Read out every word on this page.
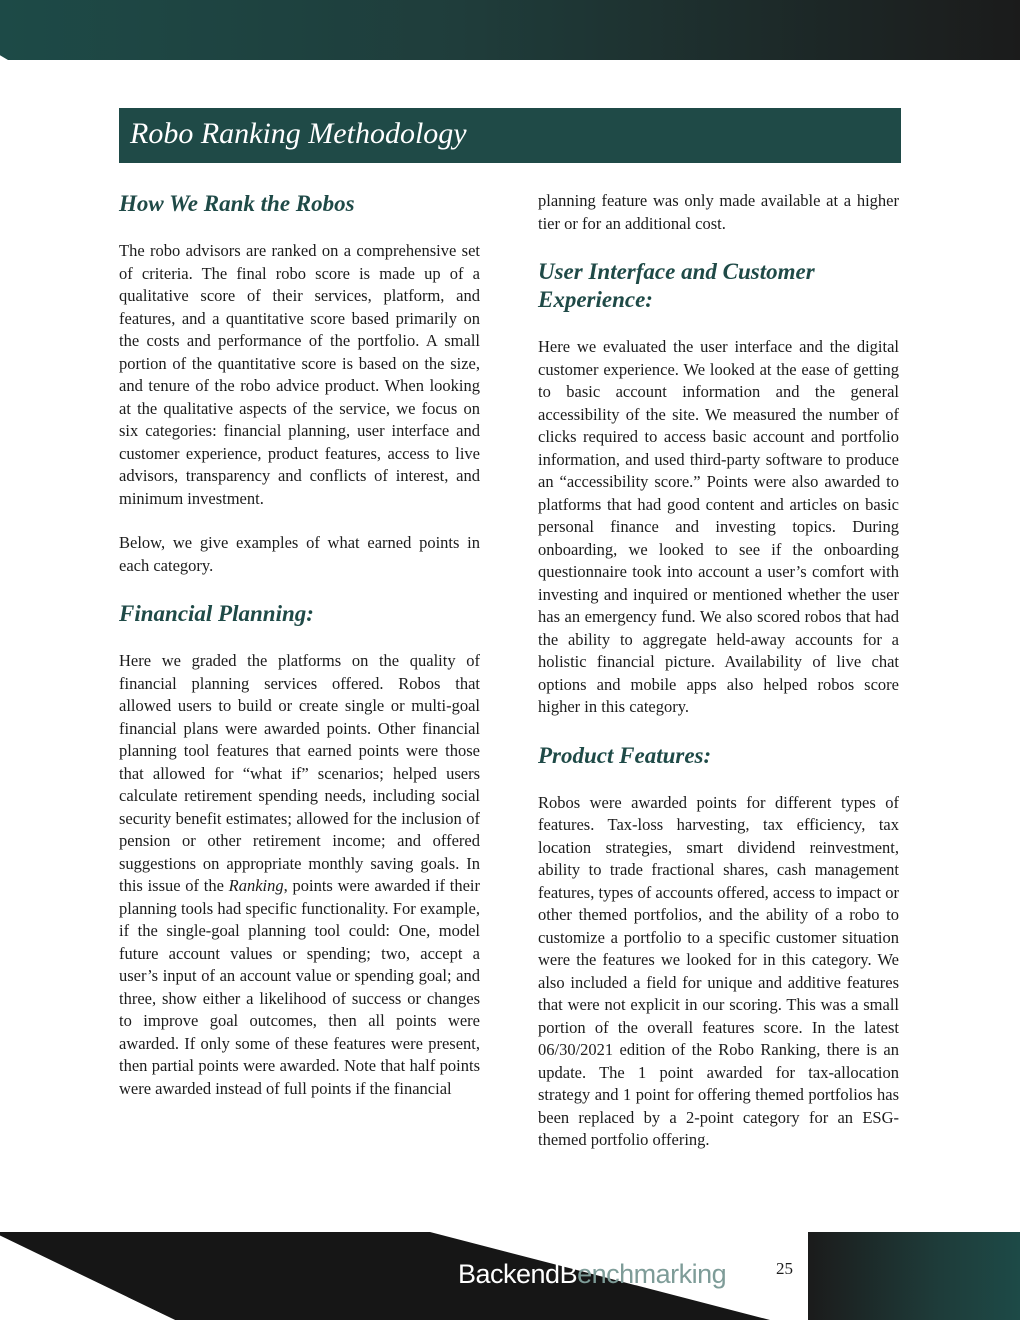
Robo Ranking Methodology
How We Rank the Robos

The robo advisors are ranked on a comprehensive set of criteria. The final robo score is made up of a qualitative score of their services, platform, and features, and a quantitative score based primarily on the costs and performance of the portfolio. A small portion of the quantitative score is based on the size, and tenure of the robo advice product. When looking at the qualitative aspects of the service, we focus on six categories: financial planning, user interface and customer experience, product features, access to live advisors, transparency and conflicts of interest, and minimum investment.

Below, we give examples of what earned points in each category.

Financial Planning:

Here we graded the platforms on the quality of financial planning services offered. Robos that allowed users to build or create single or multi-goal financial plans were awarded points. Other financial planning tool features that earned points were those that allowed for “what if” scenarios; helped users calculate retirement spending needs, including social security benefit estimates; allowed for the inclusion of pension or other retirement income; and offered suggestions on appropriate monthly saving goals. In this issue of the Ranking, points were awarded if their planning tools had specific functionality. For example, if the single-goal planning tool could: One, model future account values or spending; two, accept a user’s input of an account value or spending goal; and three, show either a likelihood of success or changes to improve goal outcomes, then all points were awarded. If only some of these features were present, then partial points were awarded. Note that half points were awarded instead of full points if the financial

planning feature was only made available at a higher tier or for an additional cost.

User Interface and Customer Experience:

Here we evaluated the user interface and the digital customer experience. We looked at the ease of getting to basic account information and the general accessibility of the site. We measured the number of clicks required to access basic account and portfolio information, and used third-party software to produce an “accessibility score.” Points were also awarded to platforms that had good content and articles on basic personal finance and investing topics. During onboarding, we looked to see if the onboarding questionnaire took into account a user’s comfort with investing and inquired or mentioned whether the user has an emergency fund. We also scored robos that had the ability to aggregate held-away accounts for a holistic financial picture. Availability of live chat options and mobile apps also helped robos score higher in this category.

Product Features:

Robos were awarded points for different types of features. Tax-loss harvesting, tax efficiency, tax location strategies, smart dividend reinvestment, ability to trade fractional shares, cash management features, types of accounts offered, access to impact or other themed portfolios, and the ability of a robo to customize a portfolio to a specific customer situation were the features we looked for in this category. We also included a field for unique and additive features that were not explicit in our scoring. This was a small portion of the overall features score. In the latest 06/30/2021 edition of the Robo Ranking, there is an update. The 1 point awarded for tax-allocation strategy and 1 point for offering themed portfolios has been replaced by a 2-point category for an ESG-themed portfolio offering.

BackendBenchmarking	25
